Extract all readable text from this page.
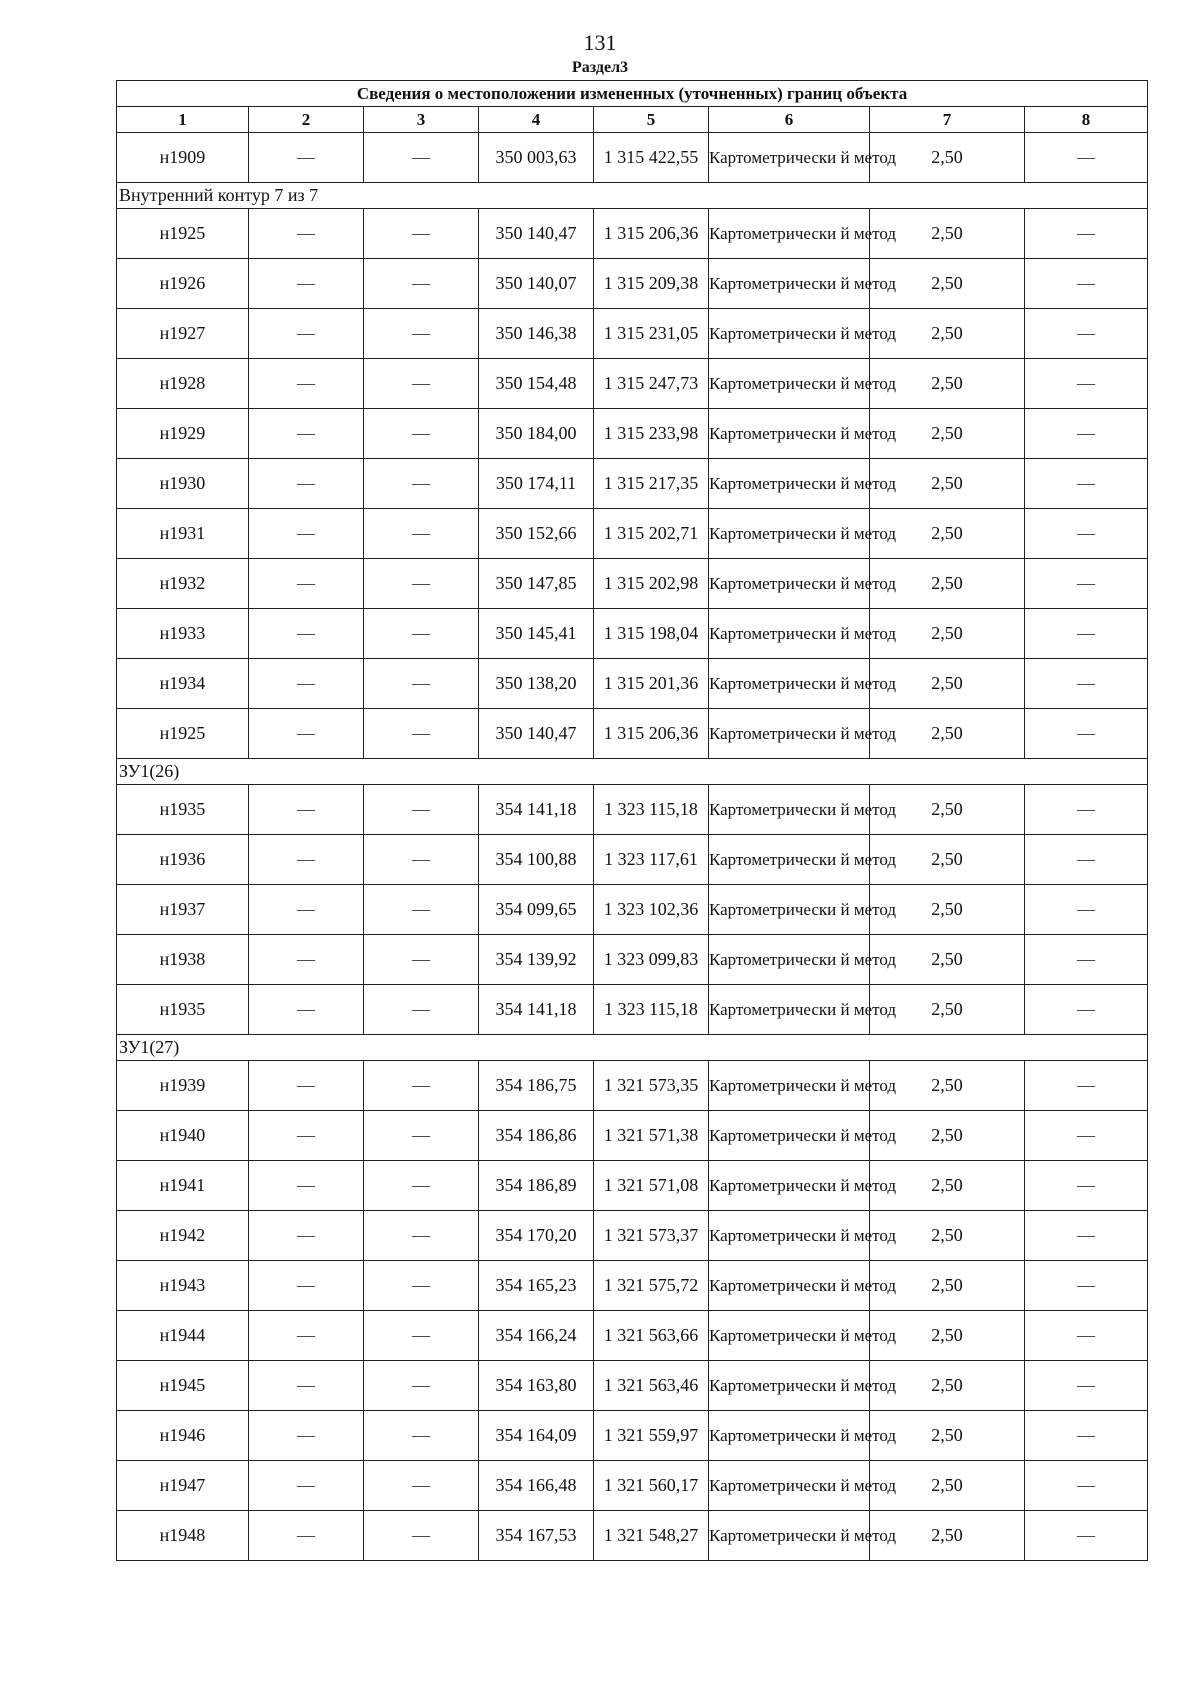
131
Раздел3
Сведения о местоположении измененных (уточненных) границ объекта							
1	2	3	4	5	6	7	8
н1909	—	—	350 003,63	1 315 422,55	Картометрически й метод	2,50	—
Внутренний контур 7 из 7							
н1925	—	—	350 140,47	1 315 206,36	Картометрически й метод	2,50	—
н1926	—	—	350 140,07	1 315 209,38	Картометрически й метод	2,50	—
н1927	—	—	350 146,38	1 315 231,05	Картометрически й метод	2,50	—
н1928	—	—	350 154,48	1 315 247,73	Картометрически й метод	2,50	—
н1929	—	—	350 184,00	1 315 233,98	Картометрически й метод	2,50	—
н1930	—	—	350 174,11	1 315 217,35	Картометрически й метод	2,50	—
н1931	—	—	350 152,66	1 315 202,71	Картометрически й метод	2,50	—
н1932	—	—	350 147,85	1 315 202,98	Картометрически й метод	2,50	—
н1933	—	—	350 145,41	1 315 198,04	Картометрически й метод	2,50	—
н1934	—	—	350 138,20	1 315 201,36	Картометрически й метод	2,50	—
н1925	—	—	350 140,47	1 315 206,36	Картометрически й метод	2,50	—
ЗУ1(26)							
н1935	—	—	354 141,18	1 323 115,18	Картометрически й метод	2,50	—
н1936	—	—	354 100,88	1 323 117,61	Картометрически й метод	2,50	—
н1937	—	—	354 099,65	1 323 102,36	Картометрически й метод	2,50	—
н1938	—	—	354 139,92	1 323 099,83	Картометрически й метод	2,50	—
н1935	—	—	354 141,18	1 323 115,18	Картометрически й метод	2,50	—
ЗУ1(27)							
н1939	—	—	354 186,75	1 321 573,35	Картометрически й метод	2,50	—
н1940	—	—	354 186,86	1 321 571,38	Картометрически й метод	2,50	—
н1941	—	—	354 186,89	1 321 571,08	Картометрически й метод	2,50	—
н1942	—	—	354 170,20	1 321 573,37	Картометрически й метод	2,50	—
н1943	—	—	354 165,23	1 321 575,72	Картометрически й метод	2,50	—
н1944	—	—	354 166,24	1 321 563,66	Картометрически й метод	2,50	—
н1945	—	—	354 163,80	1 321 563,46	Картометрически й метод	2,50	—
н1946	—	—	354 164,09	1 321 559,97	Картометрически й метод	2,50	—
н1947	—	—	354 166,48	1 321 560,17	Картометрически й метод	2,50	—
н1948	—	—	354 167,53	1 321 548,27	Картометрически й метод	2,50	—
